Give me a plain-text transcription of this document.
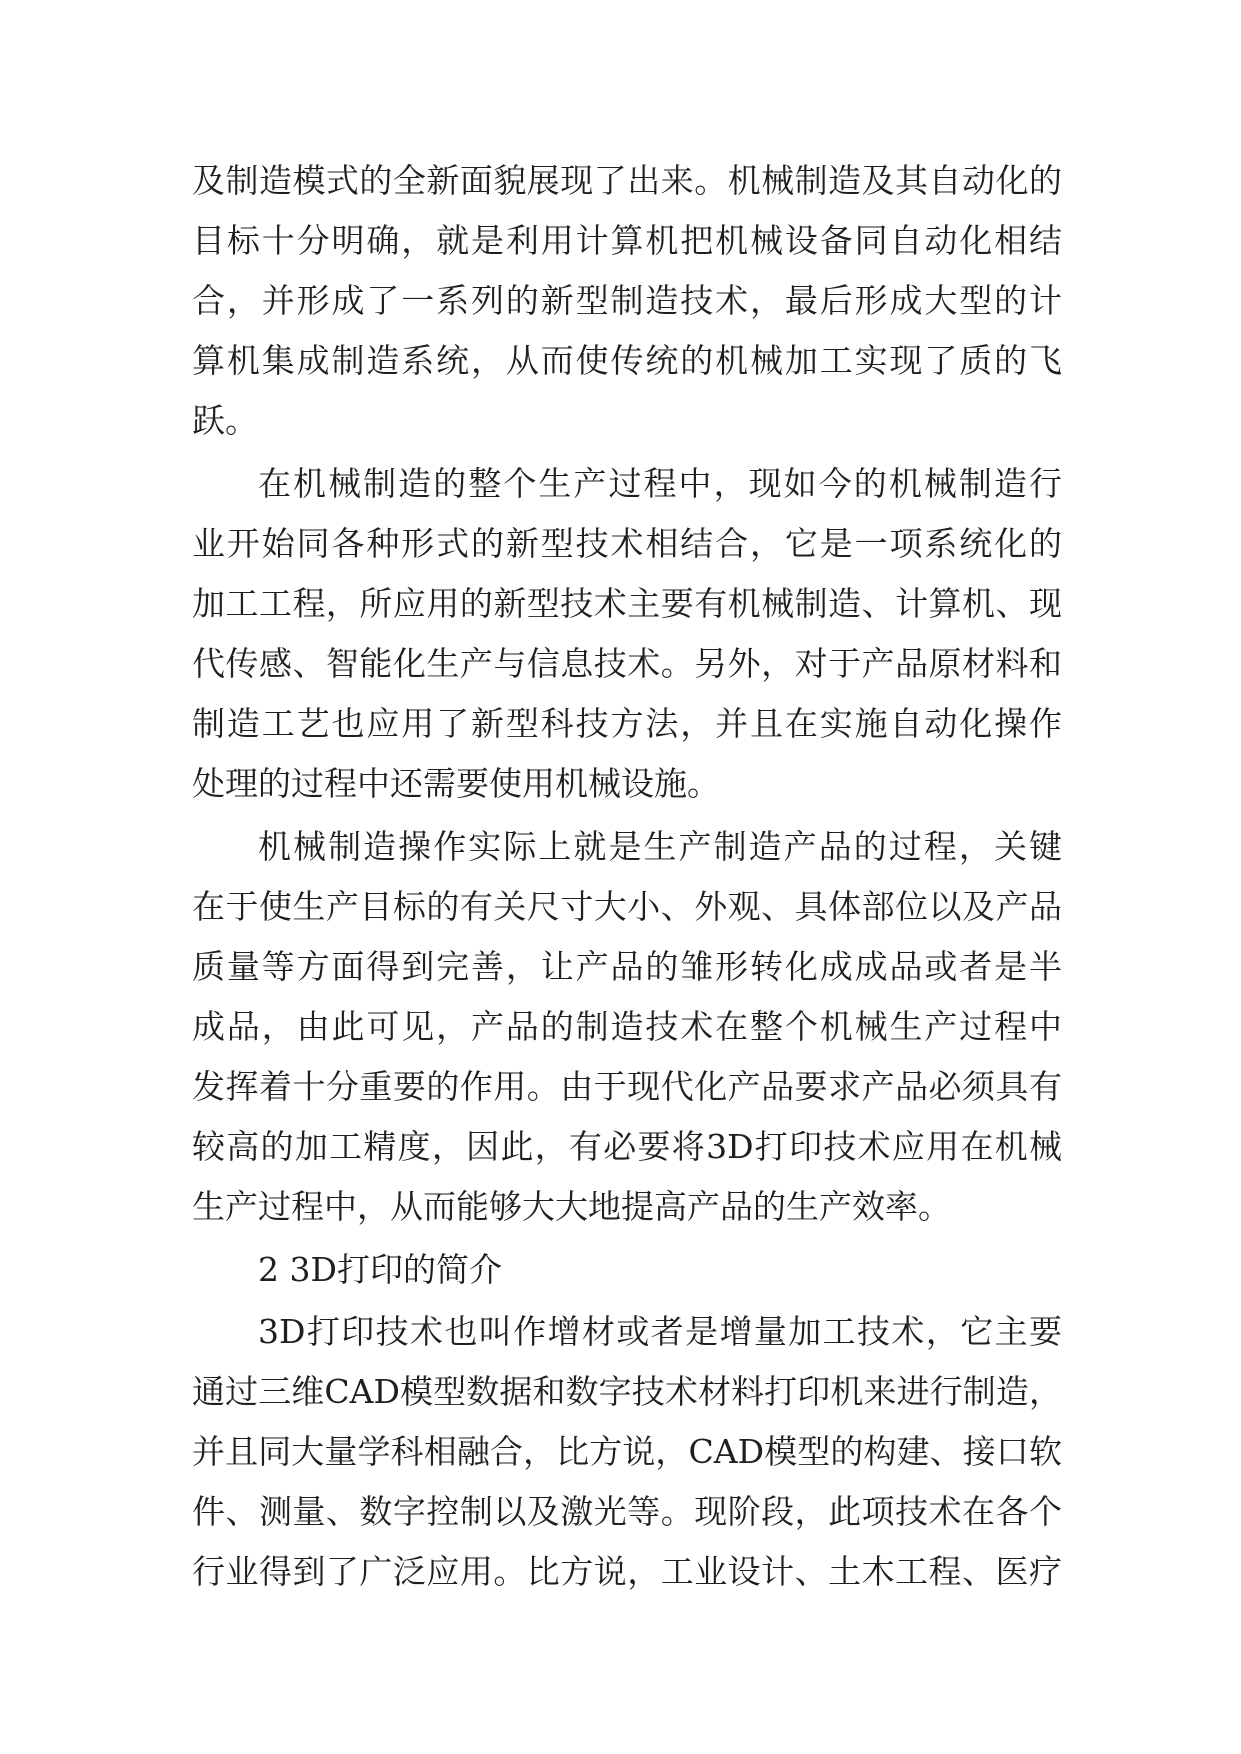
及制造模式的全新面貌展现了出来。机械制造及其自动化的

目标十分明确，就是利用计算机把机械设备同自动化相结

合，并形成了一系列的新型制造技术，最后形成大型的计

算机集成制造系统，从而使传统的机械加工实现了质的飞

跃。

在机械制造的整个生产过程中，现如今的机械制造行

业开始同各种形式的新型技术相结合，它是一项系统化的

加工工程，所应用的新型技术主要有机械制造、计算机、现

代传感、智能化生产与信息技术。另外，对于产品原材料和

制造工艺也应用了新型科技方法，并且在实施自动化操作

处理的过程中还需要使用机械设施。

机械制造操作实际上就是生产制造产品的过程，关键

在于使生产目标的有关尺寸大小、外观、具体部位以及产品

质量等方面得到完善，让产品的雏形转化成成品或者是半

成品，由此可见，产品的制造技术在整个机械生产过程中

发挥着十分重要的作用。由于现代化产品要求产品必须具有

较高的加工精度，因此，有必要将3D打印技术应用在机械

生产过程中，从而能够大大地提高产品的生产效率。

2 3D打印的简介

3D打印技术也叫作增材或者是增量加工技术，它主要

通过三维CAD模型数据和数字技术材料打印机来进行制造，

并且同大量学科相融合，比方说，CAD模型的构建、接口软

件、测量、数字控制以及激光等。现阶段，此项技术在各个

行业得到了广泛应用。比方说，工业设计、土木工程、医疗
